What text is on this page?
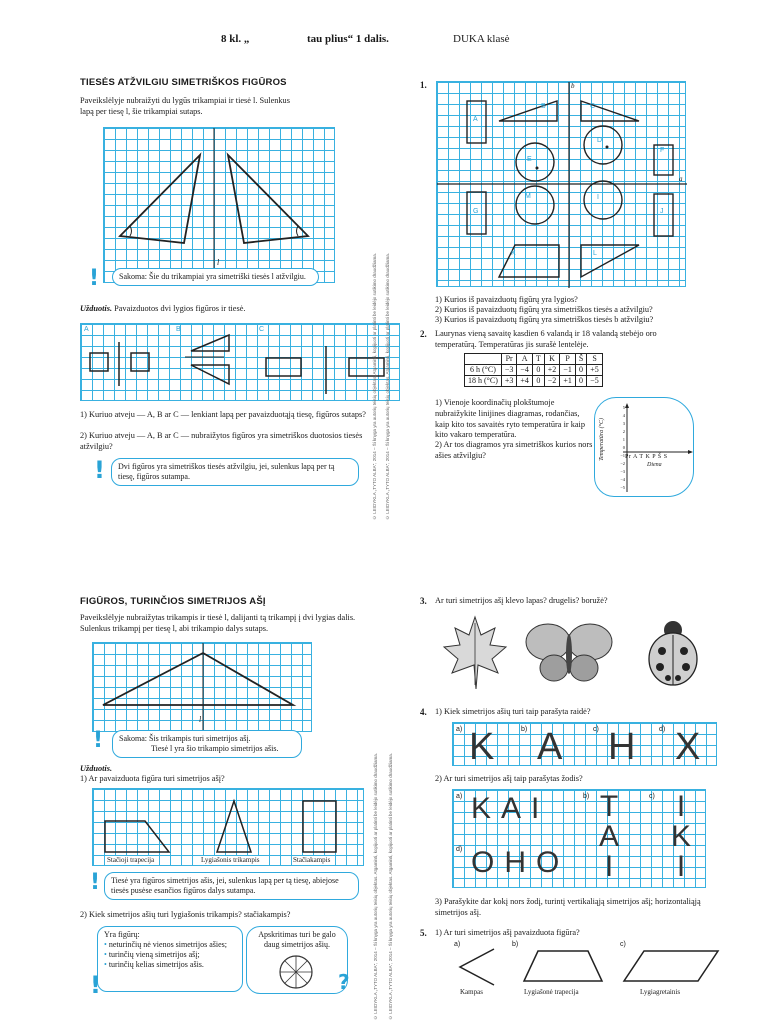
8 kl. „	tau plius“ 1 dalis.	DUKA klasė
TIESĖS ATŽVILGIU SIMETRIŠKOS FIGŪROS
Paveikslėlyje nubraižyti du lygūs trikampiai ir tiesė l. Sulenkus lapą per tiesę l, šie trikampiai sutaps.
l
!	Sakoma: Šie du trikampiai yra simetriški tiesės l atžvilgiu.
Užduotis. Pavaizduotos dvi lygios figūros ir tiesė.
A	B	C
1) Kuriuo atveju — A, B ar C — lenkiant lapą per pavaizduotąją tiesę, figūros sutaps?
2) Kuriuo atveju — A, B ar C — nubraižytos figūros yra simetriškos duotosios tiesės atžvilgiu?
!	Dvi figūros yra simetriškos tiesės atžvilgiu, jei, sulenkus lapą per tą tiesę, figūros sutampa.	© LEIDYKLA „TYTO ALBA“, 2014 – Ši knyga yra autorių teisių objektas. Atgaminti, kopijuoti ar platinti be leidėjo sutikimo draudžiama.	© LEIDYKLA „TYTO ALBA“, 2014 – Ši knyga yra autorių teisių objektas. Atgaminti, kopijuoti ar platinti be leidėjo sutikimo draudžiama.
1.
A
B	C
D
E
F
G	J
M	I
K	L
a
b
1) Kurios iš pavaizduotų figūrų yra lygios?
2) Kurios iš pavaizduotų figūrų yra simetriškos tiesės a atžvilgiu?
3) Kurios iš pavaizduotų figūrų yra simetriškos tiesės b atžvilgiu?
2. Laurynas vieną savaitę kasdien 6 valandą ir 18 valandą stebėjo oro temperatūrą. Temperatūras jis surašė lentelėje.
	Pr	A	T	K	P	Š	S
6 h (°C)	−3	−4	0	+2	−1	0	+5
18 h (°C)	+3	+4	0	−2	+1	0	−5
1) Vienoje koordinačių plokštumoje nubraižykite linijines diagramas, rodančias, kaip kito tos savaitės ryto temperatūra ir kaip kito vakaro temperatūra.
2) Ar tos diagramos yra simetriškos kurios nors ašies atžvilgiu?	Temperatūra (°C)	Pr A T K P Š S
Diena
5
4
3
2
1
0
−1
−2
−3
−4
−5
FIGŪROS, TURINČIOS SIMETRIJOS AŠĮ
Paveikslėlyje nubraižytas trikampis ir tiesė l, dalijanti tą trikampį į dvi lygias dalis. Sulenkus trikampį per tiesę l, abi trikampio dalys sutaps.
l
! Sakoma: Šis trikampis turi simetrijos ašį.
Tiesė l yra šio trikampio simetrijos ašis.
Užduotis.
1) Ar pavaizduota figūra turi simetrijos ašį?
Stačioji trapecija	Lygiašonis trikampis	Stačiakampis
!	Tiesė yra figūros simetrijos ašis, jei, sulenkus lapą per tą tiesę, abiejose tiesės pusėse esančios figūros dalys sutampa.
2) Kiek simetrijos ašių turi lygiašonis trikampis? stačiakampis?
Yra figūrų:
• neturinčių nė vienos simetrijos ašies;
• turinčių vieną simetrijos ašį;
• turinčių kelias simetrijos ašis.
!
Apskritimas turi be galo daug simetrijos ašių.
?	© LEIDYKLA „TYTO ALBA“, 2014 – Ši knyga yra autorių teisių objektas. Atgaminti, kopijuoti ar platinti be leidėjo sutikimo draudžiama.	© LEIDYKLA „TYTO ALBA“, 2014 – Ši knyga yra autorių teisių objektas. Atgaminti, kopijuoti ar platinti be leidėjo sutikimo draudžiama.
3. Ar turi simetrijos ašį klevo lapas? drugelis? boružė?
4. 1) Kiek simetrijos ašių turi taip parašyta raidė?
a) K b) A	c) H d) X
2) Ar turi simetrijos ašį taip parašytas žodis?
a) KAI
d) OHO
b) T
A
I
c) I
K
I
3) Parašykite dar kokį nors žodį, turintį vertikaliąją simetrijos ašį; horizontaliąją simetrijos ašį.
5. 1) Ar turi simetrijos ašį pavaizduota figūra?
a)	b)	c)
Kampas	Lygiašonė trapecija	Lygiagretainis
